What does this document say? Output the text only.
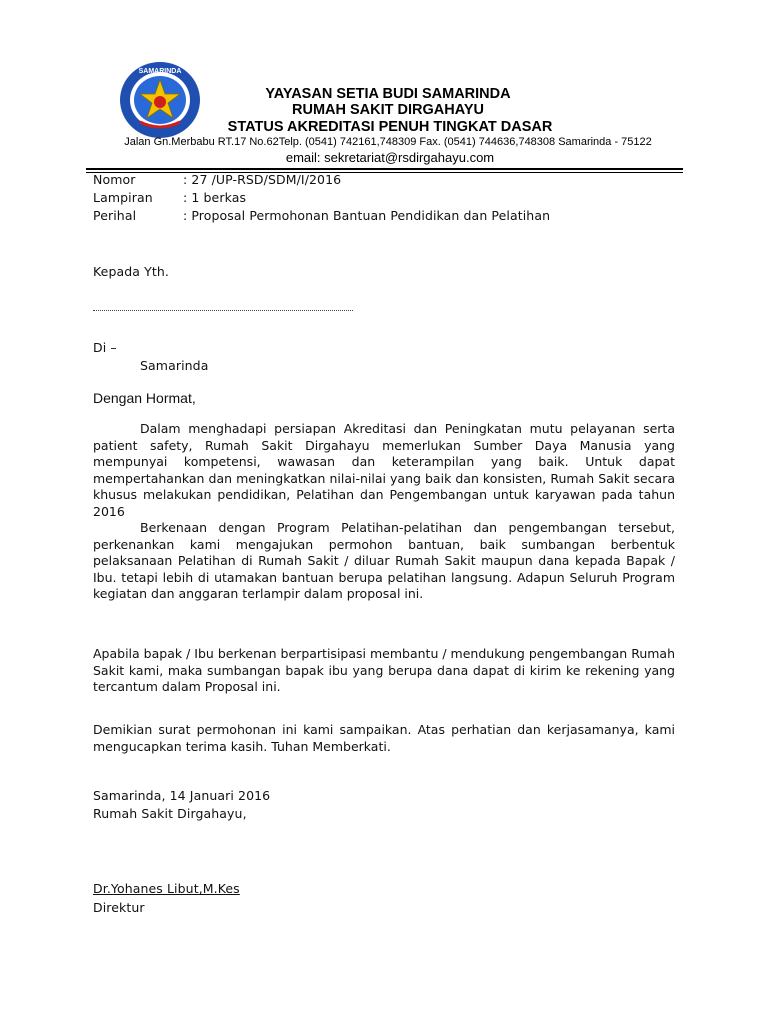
SAMARINDA
YAYASAN SETIA BUDI SAMARINDA
RUMAH SAKIT DIRGAHAYU
STATUS AKREDITASI PENUH TINGKAT DASAR
Jalan Gn.Merbabu RT.17 No.62Telp. (0541) 742161,748309 Fax. (0541) 744636,748308 Samarinda - 75122
email: sekretariat@rsdirgahayu.com
Nomor	: 27 /UP-RSD/SDM/I/2016
Lampiran : 1 berkas
Perihal	: Proposal Permohonan Bantuan Pendidikan dan Pelatihan
Kepada Yth.
Di –
Samarinda
Dengan Hormat,

Dalam menghadapi persiapan Akreditasi dan Peningkatan mutu pelayanan serta patient safety, Rumah Sakit Dirgahayu memerlukan Sumber Daya Manusia yang mempunyai kompetensi, wawasan dan keterampilan yang baik. Untuk dapat mempertahankan dan meningkatkan nilai-nilai yang baik dan konsisten, Rumah Sakit secara khusus melakukan pendidikan, Pelatihan dan Pengembangan untuk karyawan pada tahun 2016

Berkenaan dengan Program Pelatihan-pelatihan dan pengembangan tersebut, perkenankan kami mengajukan permohon bantuan, baik sumbangan berbentuk pelaksanaan Pelatihan di Rumah Sakit / diluar Rumah Sakit maupun dana kepada Bapak / Ibu. tetapi lebih di utamakan bantuan berupa pelatihan langsung. Adapun Seluruh Program kegiatan dan anggaran terlampir dalam proposal ini.

Apabila bapak / Ibu berkenan berpartisipasi membantu / mendukung pengembangan Rumah Sakit kami, maka sumbangan bapak ibu yang berupa dana dapat di kirim ke rekening yang tercantum dalam Proposal ini.

Demikian surat permohonan ini kami sampaikan. Atas perhatian dan kerjasamanya, kami mengucapkan terima kasih. Tuhan Memberkati.

Samarinda, 14 Januari 2016
Rumah Sakit Dirgahayu,
Dr.Yohanes Libut,M.Kes
Direktur
